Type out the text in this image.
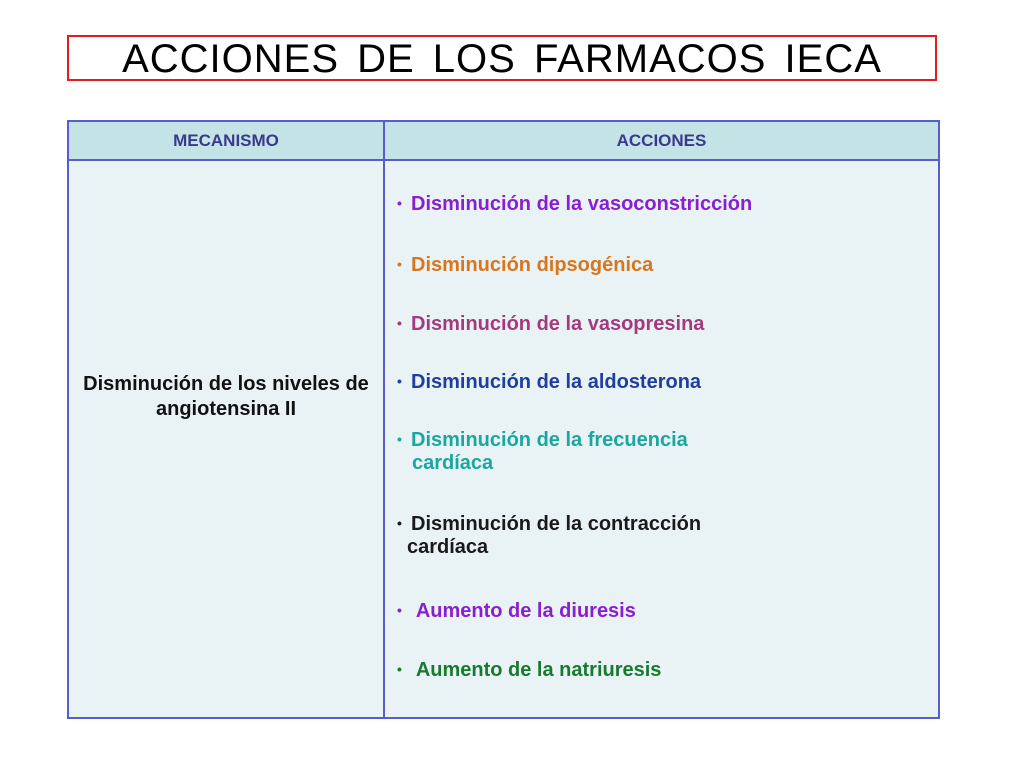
ACCIONES DE LOS FARMACOS IECA
MECANISMO	ACCIONES
Disminución de los niveles de angiotensina II
• Disminución de la vasoconstricción
• Disminución dipsogénica
• Disminución de la vasopresina
• Disminución de la aldosterona
• Disminución de la frecuencia
cardíaca
• Disminución de la contracción
cardíaca
• Aumento de la diuresis
• Aumento de la natriuresis
